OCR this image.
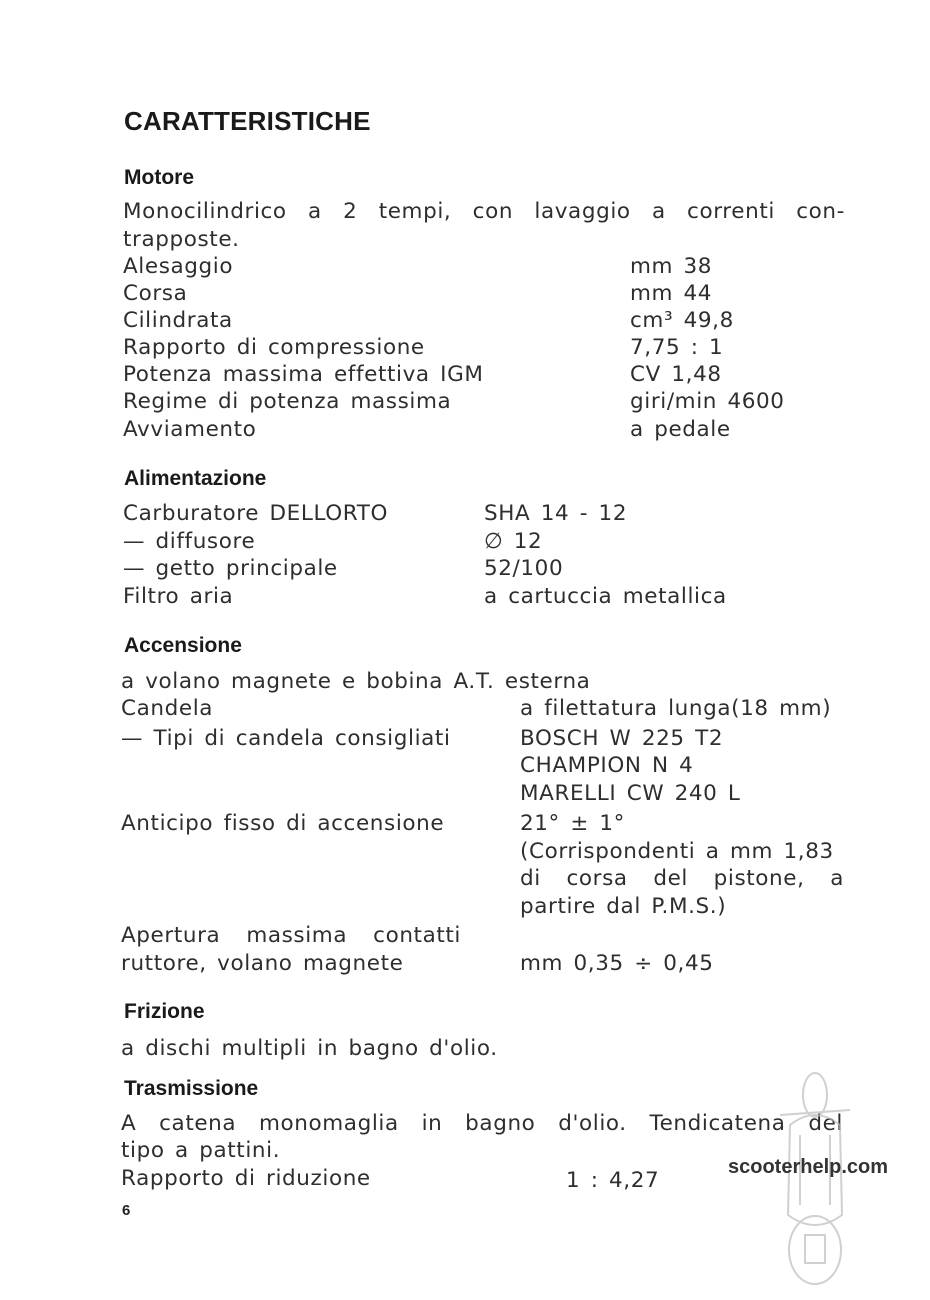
CARATTERISTICHE
Motore
Monocilindrico a 2 tempi, con lavaggio a correnti con-
trapposte.
Alesaggio	mm 38
Corsa	mm 44
Cilindrata	cm³ 49,8
Rapporto di compressione	7,75 : 1
Potenza massima effettiva IGM	CV 1,48
Regime di potenza massima	giri/min 4600
Avviamento	a pedale
Alimentazione
Carburatore DELLORTO	SHA 14 - 12
— diffusore	∅ 12
— getto principale	52/100
Filtro aria	a cartuccia metallica
Accensione
a volano magnete e bobina A.T. esterna
Candela	a filettatura lunga(18 mm)
— Tipi di candela consigliati	BOSCH W 225 T2
CHAMPION N 4
MARELLI CW 240 L
Anticipo fisso di accensione	21° ± 1°
(Corrispondenti a mm 1,83
di corsa del pistone, a
partire dal P.M.S.)
Apertura massima contatti
ruttore, volano magnete	mm 0,35 ÷ 0,45
Frizione
a dischi multipli in bagno d'olio.
Trasmissione
A catena monomaglia in bagno d'olio. Tendicatena del
tipo a pattini.
Rapporto di riduzione	1 : 4,27
6
scooterhelp.com
